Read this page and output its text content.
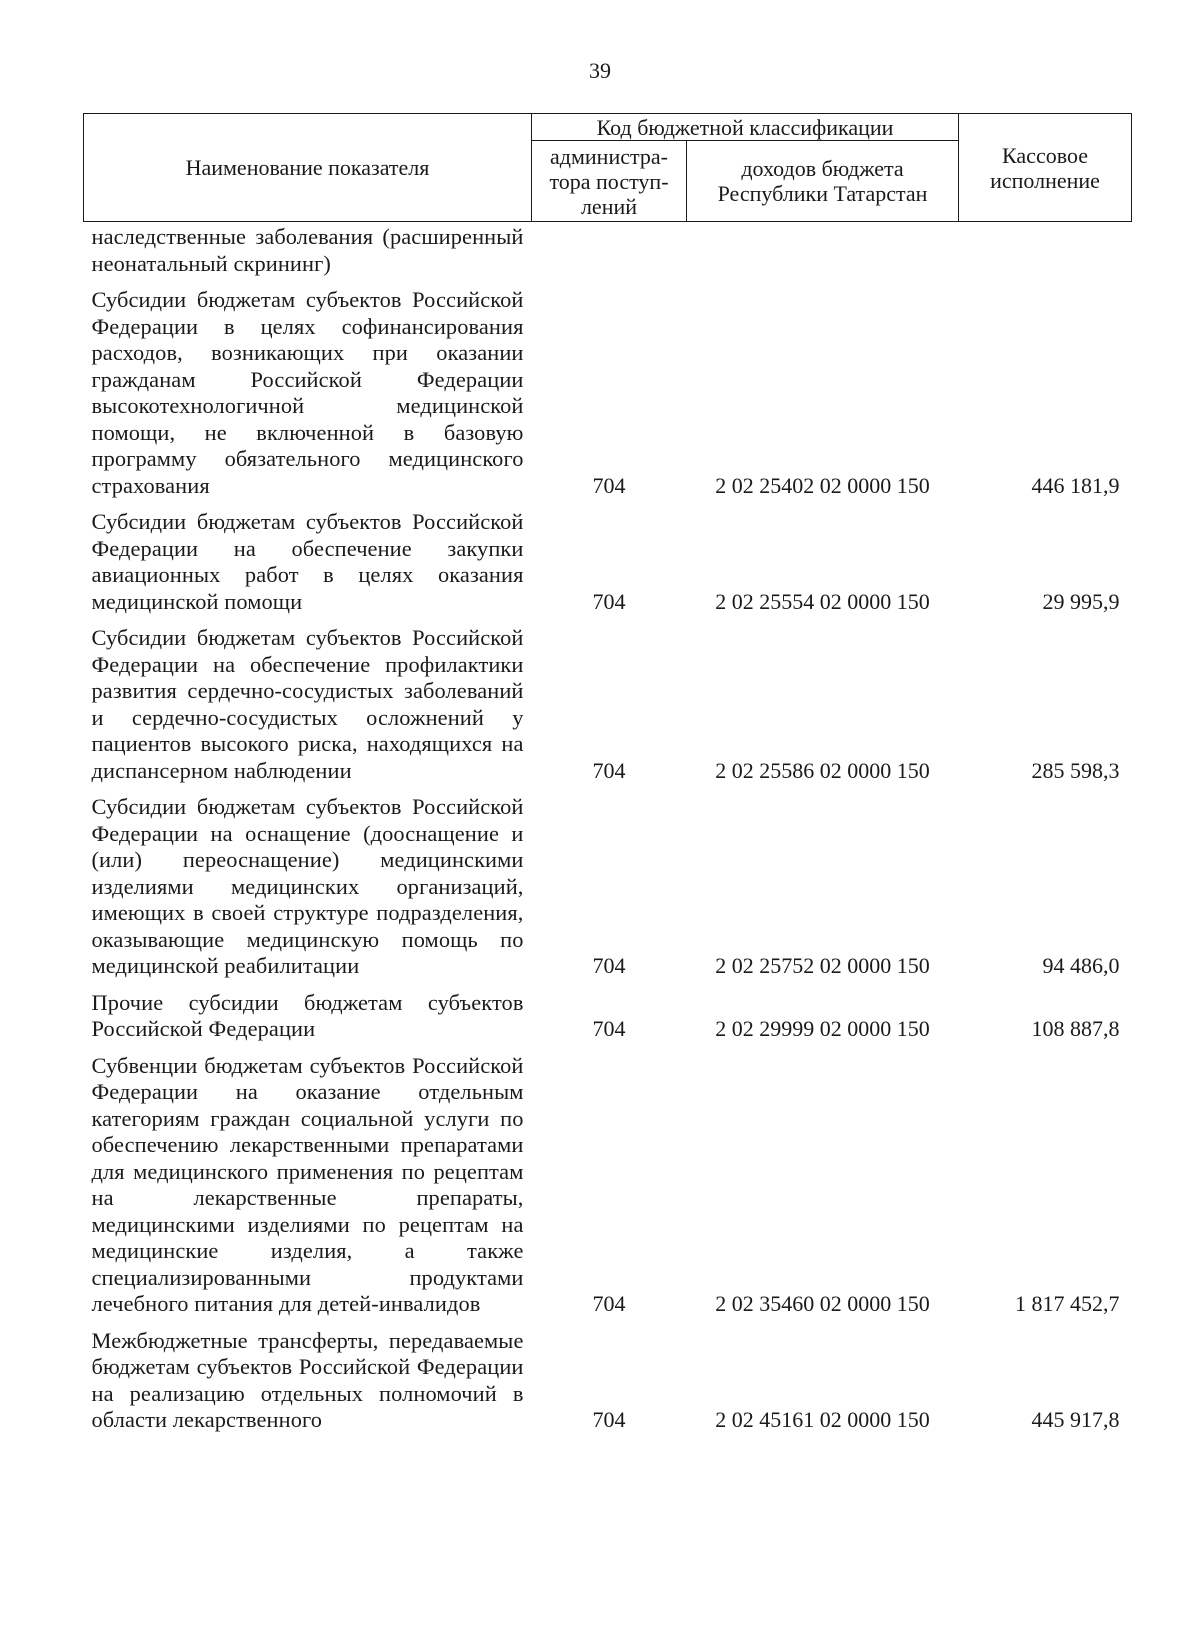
39
Наименование показателя	Код бюджетной классификации		Кассовое исполнение
	администра-тора поступ-лений	доходов бюджета Республики Татарстан	
наследственные заболевания (расширенный неонатальный скрининг)			
Субсидии бюджетам субъектов Российской Федерации в целях софинансирования расходов, возникающих при оказании гражданам Российской Федерации высокотехнологичной медицинской помощи, не включенной в базовую программу обязательного медицинского страхования	704	2 02 25402 02 0000 150	446 181,9
Субсидии бюджетам субъектов Российской Федерации на обеспечение закупки авиационных работ в целях оказания медицинской помощи	704	2 02 25554 02 0000 150	29 995,9
Субсидии бюджетам субъектов Российской Федерации на обеспечение профилактики развития сердечно-сосудистых заболеваний и сердечно-сосудистых осложнений у пациентов высокого риска, находящихся на диспансерном наблюдении	704	2 02 25586 02 0000 150	285 598,3
Субсидии бюджетам субъектов Российской Федерации на оснащение (дооснащение и (или) переоснащение) медицинскими изделиями медицинских организаций, имеющих в своей структуре подразделения, оказывающие медицинскую помощь по медицинской реабилитации	704	2 02 25752 02 0000 150	94 486,0
Прочие субсидии бюджетам субъектов Российской Федерации	704	2 02 29999 02 0000 150	108 887,8
Субвенции бюджетам субъектов Российской Федерации на оказание отдельным категориям граждан социальной услуги по обеспечению лекарственными препаратами для медицинского применения по рецептам на лекарственные препараты, медицинскими изделиями по рецептам на медицинские изделия, а также специализированными продуктами лечебного питания для детей-инвалидов	704	2 02 35460 02 0000 150	1 817 452,7
Межбюджетные трансферты, передаваемые бюджетам субъектов Российской Федерации на реализацию отдельных полномочий в области лекарственного	704	2 02 45161 02 0000 150	445 917,8
